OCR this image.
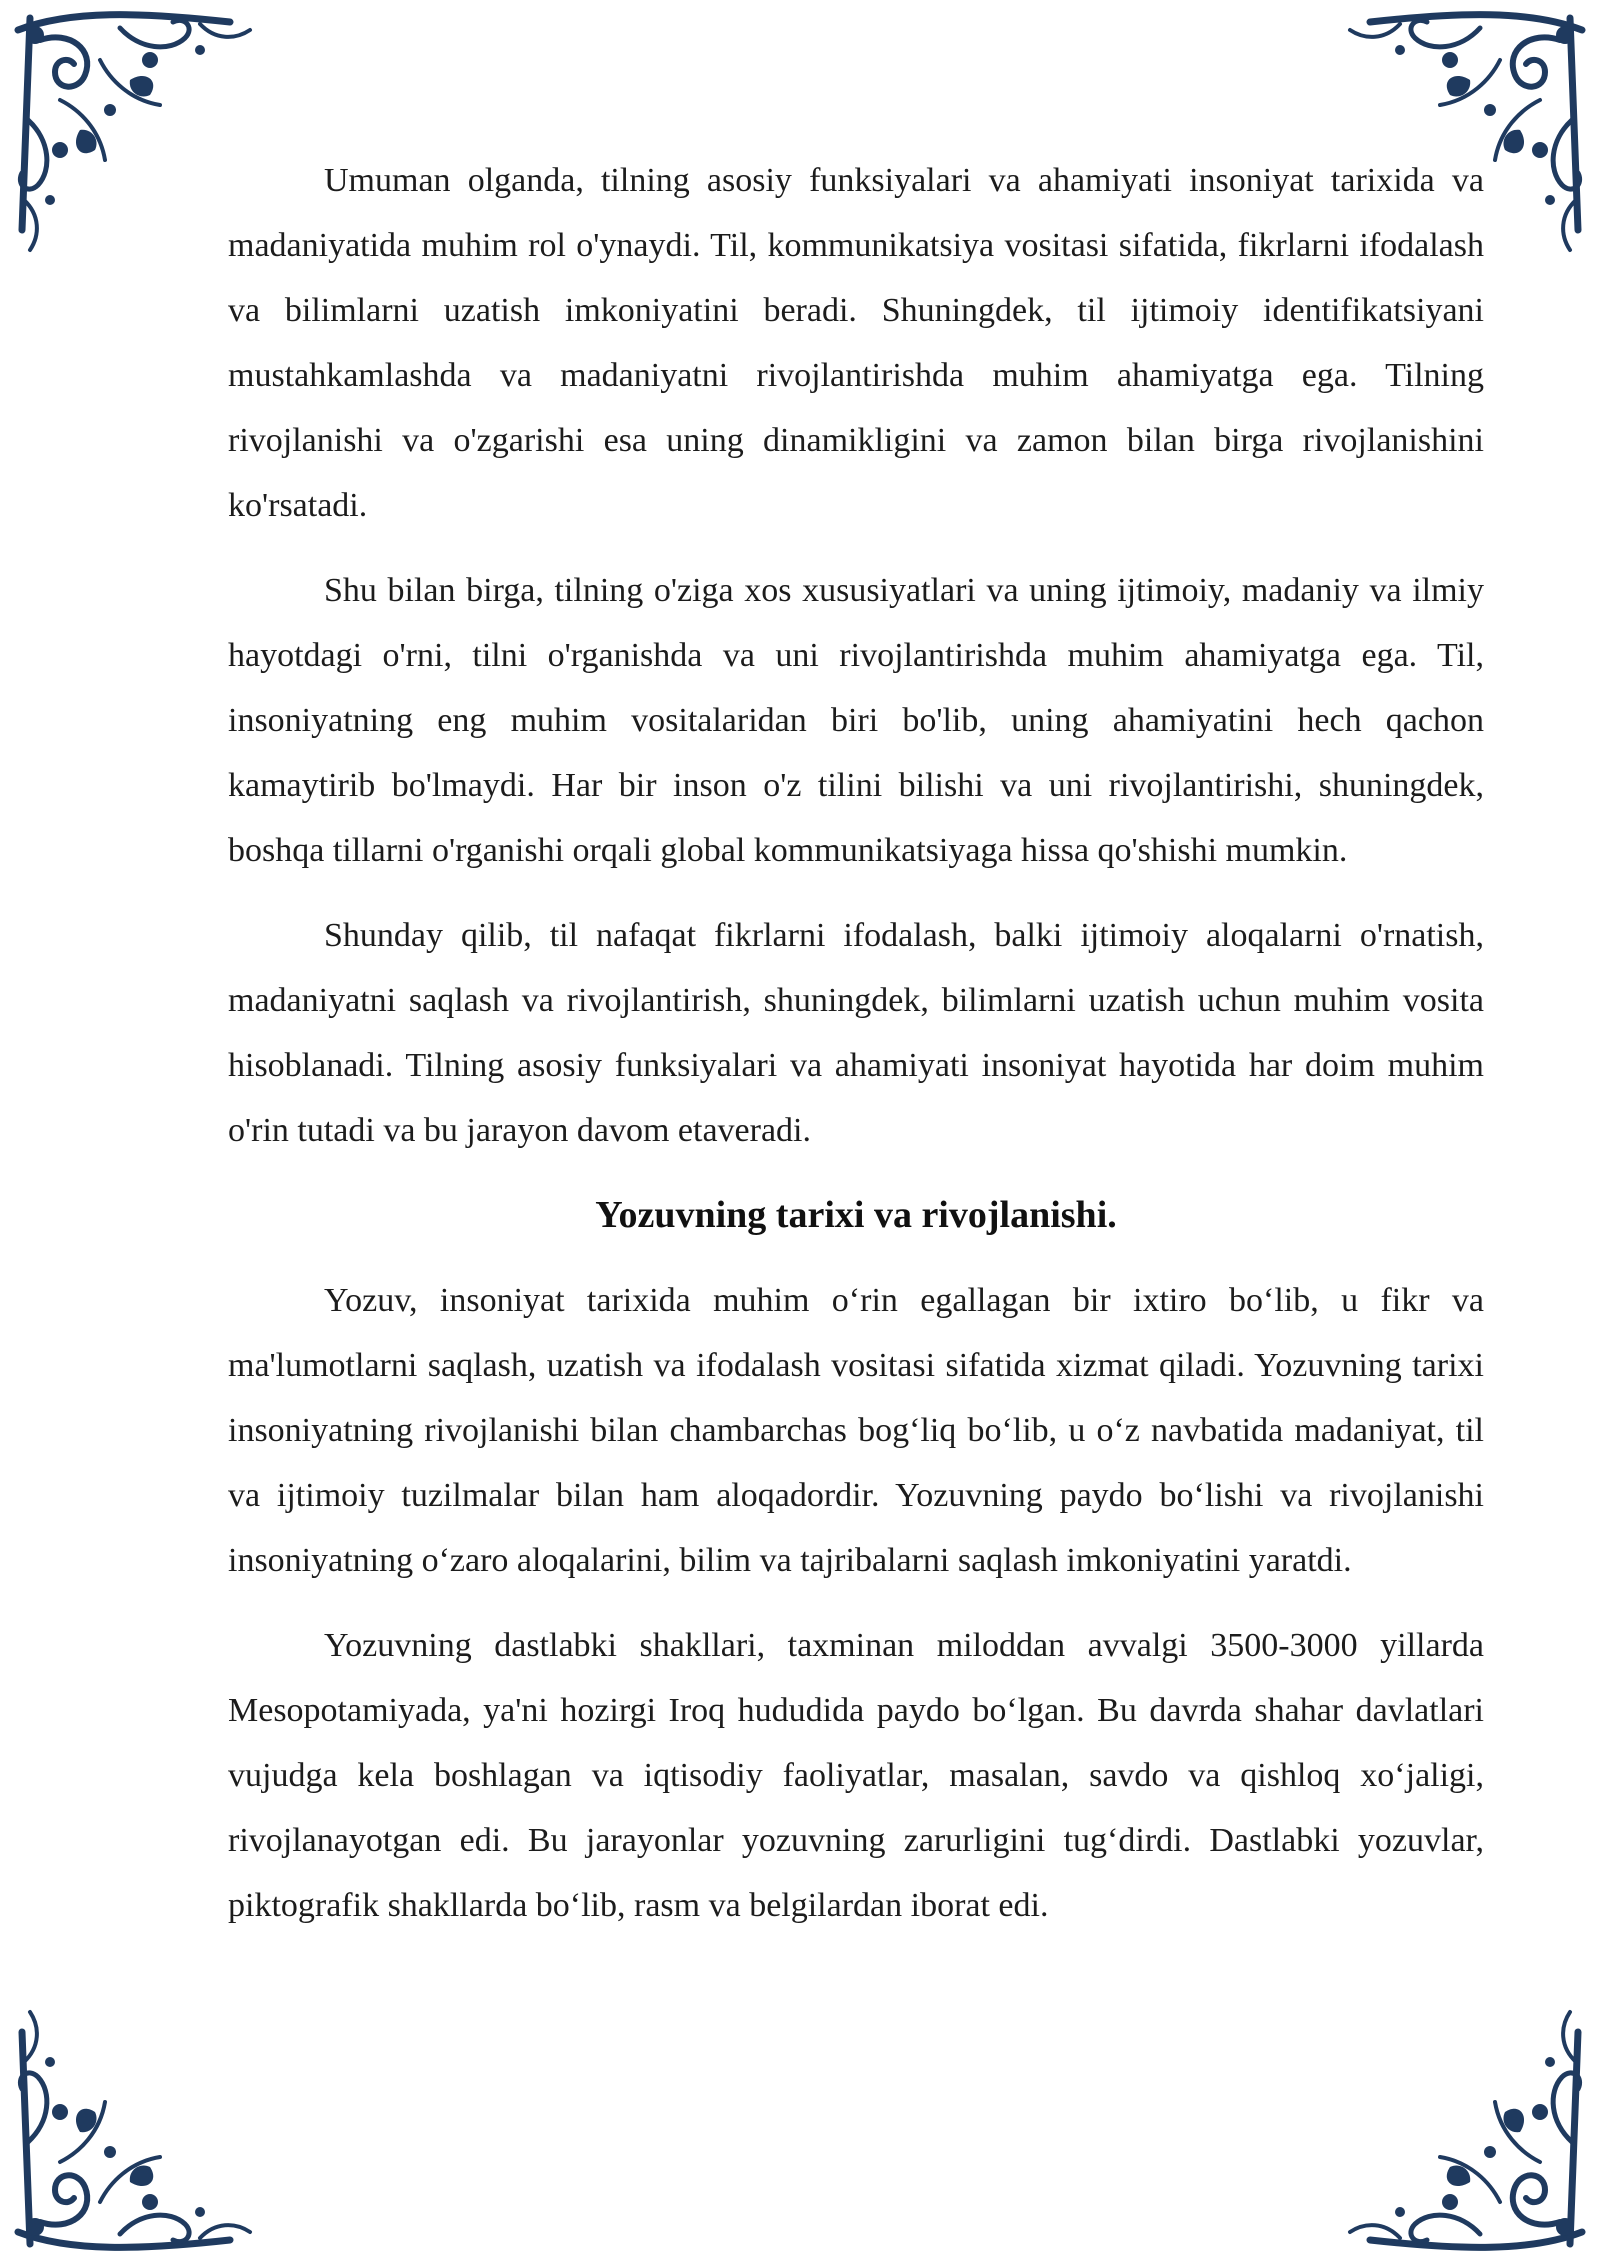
Umuman olganda, tilning asosiy funksiyalari va ahamiyati insoniyat tarixida va madaniyatida muhim rol o'ynaydi. Til, kommunikatsiya vositasi sifatida, fikrlarni ifodalash va bilimlarni uzatish imkoniyatini beradi. Shuningdek, til ijtimoiy identifikatsiyani mustahkamlashda va madaniyatni rivojlantirishda muhim ahamiyatga ega. Tilning rivojlanishi va o'zgarishi esa uning dinamikligini va zamon bilan birga rivojlanishini ko'rsatadi.

Shu bilan birga, tilning o'ziga xos xususiyatlari va uning ijtimoiy, madaniy va ilmiy hayotdagi o'rni, tilni o'rganishda va uni rivojlantirishda muhim ahamiyatga ega. Til, insoniyatning eng muhim vositalaridan biri bo'lib, uning ahamiyatini hech qachon kamaytirib bo'lmaydi. Har bir inson o'z tilini bilishi va uni rivojlantirishi, shuningdek, boshqa tillarni o'rganishi orqali global kommunikatsiyaga hissa qo'shishi mumkin.

Shunday qilib, til nafaqat fikrlarni ifodalash, balki ijtimoiy aloqalarni o'rnatish, madaniyatni saqlash va rivojlantirish, shuningdek, bilimlarni uzatish uchun muhim vosita hisoblanadi. Tilning asosiy funksiyalari va ahamiyati insoniyat hayotida har doim muhim o'rin tutadi va bu jarayon davom etaveradi.

Yozuvning tarixi va rivojlanishi.

Yozuv, insoniyat tarixida muhim o‘rin egallagan bir ixtiro bo‘lib, u fikr va ma'lumotlarni saqlash, uzatish va ifodalash vositasi sifatida xizmat qiladi. Yozuvning tarixi insoniyatning rivojlanishi bilan chambarchas bog‘liq bo‘lib, u o‘z navbatida madaniyat, til va ijtimoiy tuzilmalar bilan ham aloqadordir. Yozuvning paydo bo‘lishi va rivojlanishi insoniyatning o‘zaro aloqalarini, bilim va tajribalarni saqlash imkoniyatini yaratdi.

Yozuvning dastlabki shakllari, taxminan miloddan avvalgi 3500-3000 yillarda Mesopotamiyada, ya'ni hozirgi Iroq hududida paydo bo‘lgan. Bu davrda shahar davlatlari vujudga kela boshlagan va iqtisodiy faoliyatlar, masalan, savdo va qishloq xo‘jaligi, rivojlanayotgan edi. Bu jarayonlar yozuvning zarurligini tug‘dirdi. Dastlabki yozuvlar, piktografik shakllarda bo‘lib, rasm va belgilardan iborat edi.
